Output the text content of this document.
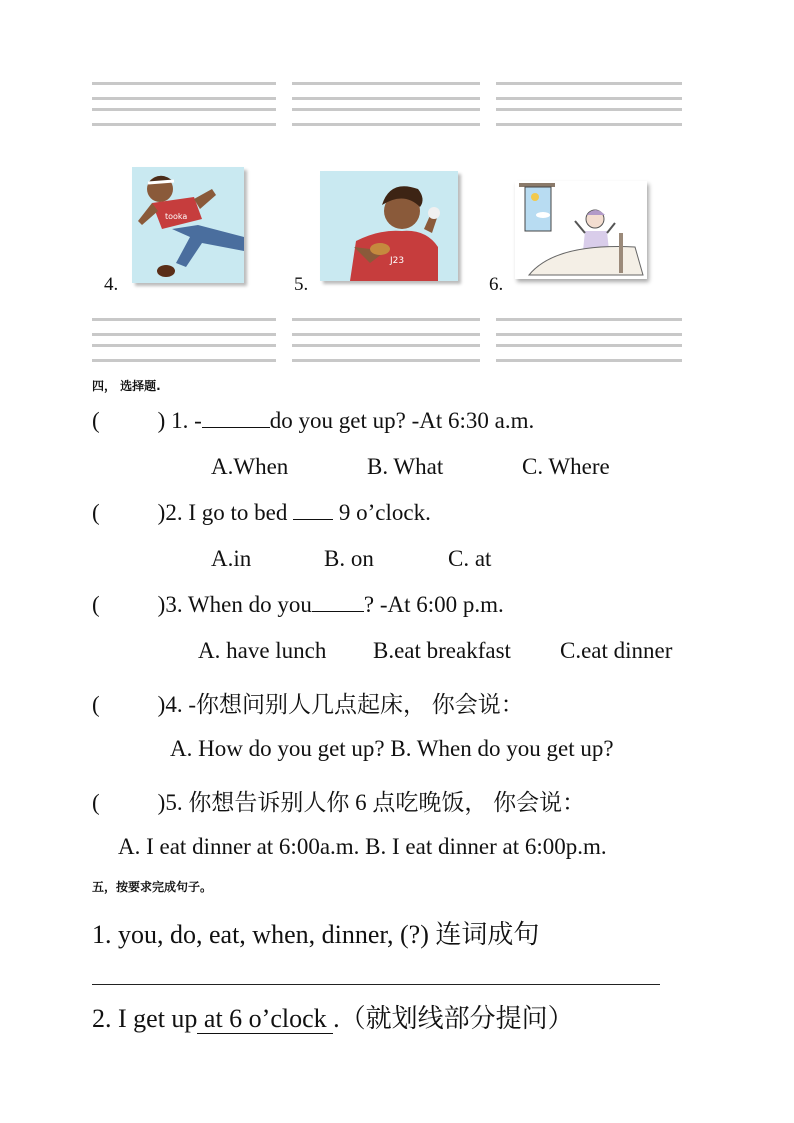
4.
tooka
5.
J23
6.
四， 选择题.
(	) 1. -	do you get up? -At 6:30 a.m.
A.When	B. What	C. Where
(	)2. I go to bed  9 o’clock.
A.in	B. on	C. at
(	)3. When do you ? -At 6:00 p.m.
A. have lunch B.eat breakfast C.eat dinner
(	)4. -你想问别人几点起床， 你会说：
A. How do you get up? B. When do you get up?
(	)5. 你想告诉别人你 6 点吃晚饭， 你会说：
A. I eat dinner at 6:00a.m. B. I eat dinner at 6:00p.m.
五，按要求完成句子。
1. you, do, eat, when, dinner, (?) 连词成句
2. I get up at 6 o’clock .（就划线部分提问）
